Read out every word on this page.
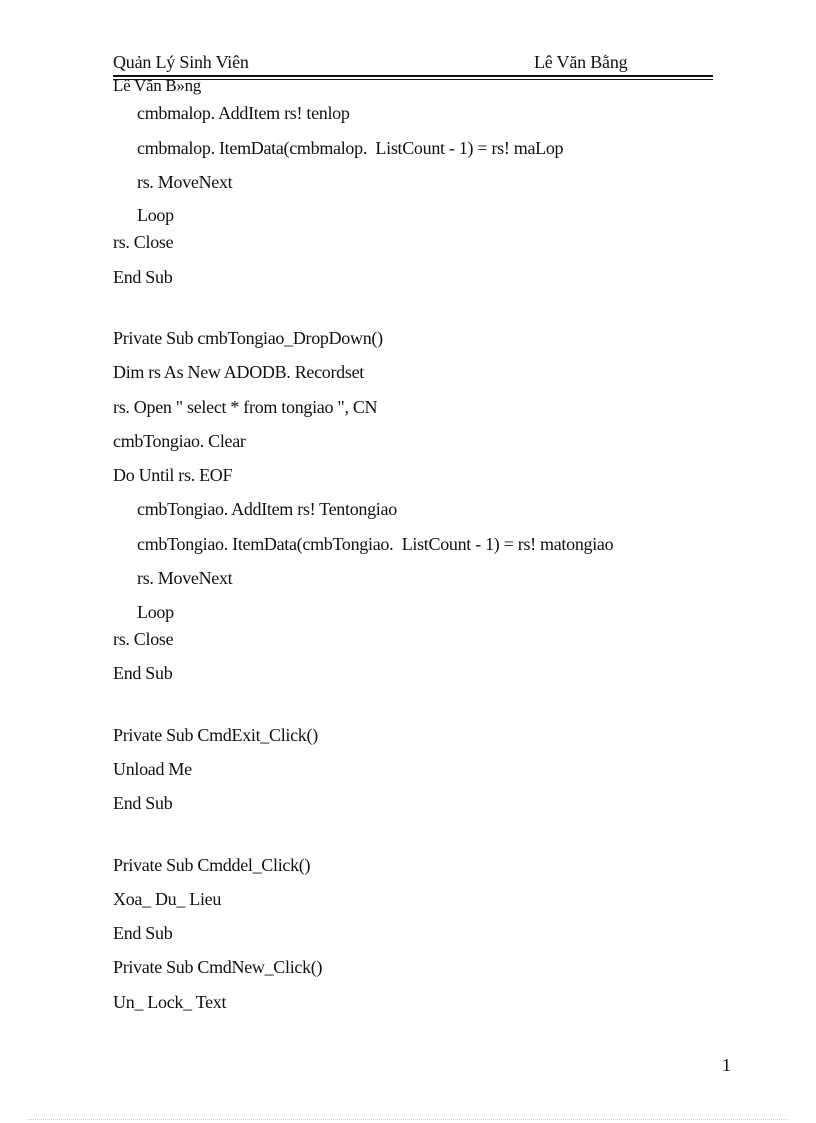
Quản Lý Sinh Viên	Lê Văn Bằng
Lê Văn B»ng
cmbmalop. AddItem rs! tenlop
cmbmalop. ItemData(cmbmalop.  ListCount - 1) = rs! maLop
rs. MoveNext
Loop
rs. Close
End Sub
Private Sub cmbTongiao_DropDown()
Dim rs As New ADODB. Recordset
rs. Open " select * from tongiao ", CN
cmbTongiao. Clear
Do Until rs. EOF
cmbTongiao. AddItem rs! Tentongiao
cmbTongiao. ItemData(cmbTongiao.  ListCount - 1) = rs! matongiao
rs. MoveNext
Loop
rs. Close
End Sub
Private Sub CmdExit_Click()
Unload Me
End Sub
Private Sub Cmddel_Click()
Xoa_ Du_ Lieu
End Sub
Private Sub CmdNew_Click()
Un_ Lock_ Text
1
